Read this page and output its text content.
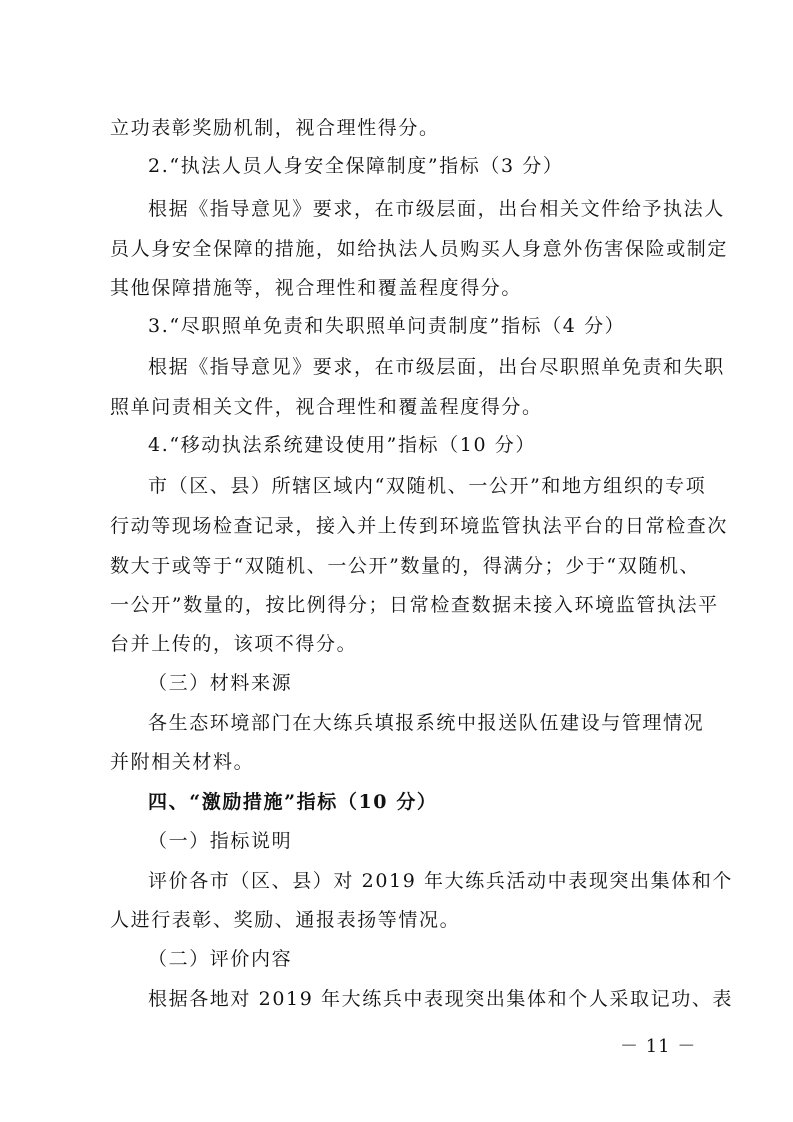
立功表彰奖励机制，视合理性得分。
2.“执法人员人身安全保障制度”指标（3 分）
根据《指导意见》要求，在市级层面，出台相关文件给予执法人
员人身安全保障的措施，如给执法人员购买人身意外伤害保险或制定
其他保障措施等，视合理性和覆盖程度得分。
3.“尽职照单免责和失职照单问责制度”指标（4 分）
根据《指导意见》要求，在市级层面，出台尽职照单免责和失职
照单问责相关文件，视合理性和覆盖程度得分。
4.“移动执法系统建设使用”指标（10 分）
市（区、县）所辖区域内“双随机、一公开”和地方组织的专项
行动等现场检查记录，接入并上传到环境监管执法平台的日常检查次
数大于或等于“双随机、一公开”数量的，得满分；少于“双随机、
一公开”数量的，按比例得分；日常检查数据未接入环境监管执法平
台并上传的，该项不得分。
（三）材料来源
各生态环境部门在大练兵填报系统中报送队伍建设与管理情况
并附相关材料。
四、“激励措施”指标（10 分）
（一）指标说明
评价各市（区、县）对 2019 年大练兵活动中表现突出集体和个
人进行表彰、奖励、通报表扬等情况。
（二）评价内容
根据各地对 2019 年大练兵中表现突出集体和个人采取记功、表
－ 11 －
